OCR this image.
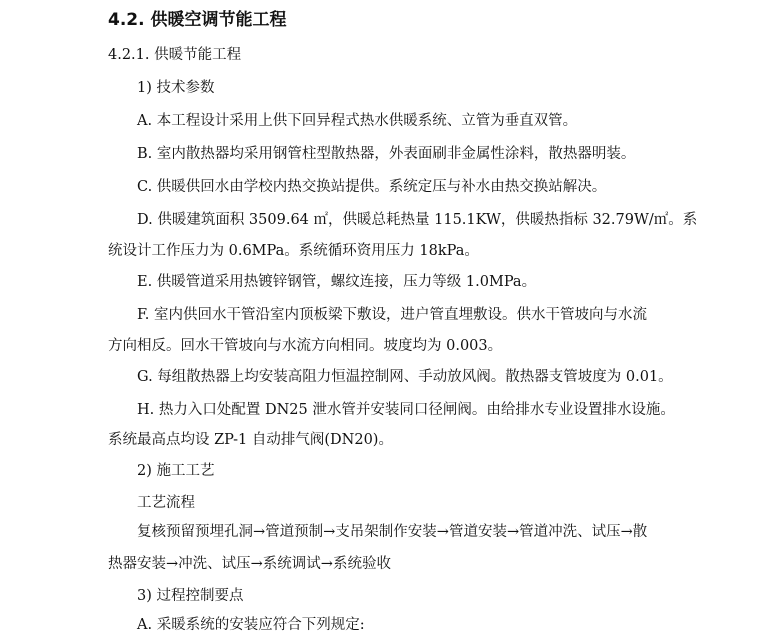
4.2. 供暖空调节能工程
4.2.1. 供暖节能工程
1) 技术参数
A. 本工程设计采用上供下回异程式热水供暖系统、立管为垂直双管。
B. 室内散热器均采用钢管柱型散热器，外表面刷非金属性涂料，散热器明装。
C. 供暖供回水由学校内热交换站提供。系统定压与补水由热交换站解决。
D. 供暖建筑面积 3509.64 ㎡，供暖总耗热量 115.1KW，供暖热指标 32.79W/㎡。系
统设计工作压力为 0.6MPa。系统循环资用压力 18kPa。
E. 供暖管道采用热镀锌钢管，螺纹连接，压力等级 1.0MPa。
F. 室内供回水干管沿室内顶板梁下敷设，进户管直埋敷设。供水干管坡向与水流
方向相反。回水干管坡向与水流方向相同。坡度均为 0.003。
G. 每组散热器上均安装高阻力恒温控制网、手动放风阀。散热器支管坡度为 0.01。
H. 热力入口处配置 DN25 泄水管并安装同口径闸阀。由给排水专业设置排水设施。
系统最高点均设 ZP-1 自动排气阀(DN20)。
2) 施工工艺
工艺流程
复核预留预埋孔洞→管道预制→支吊架制作安装→管道安装→管道冲洗、试压→散
热器安装→冲洗、试压→系统调试→系统验收
3) 过程控制要点
A. 采暖系统的安装应符合下列规定:
